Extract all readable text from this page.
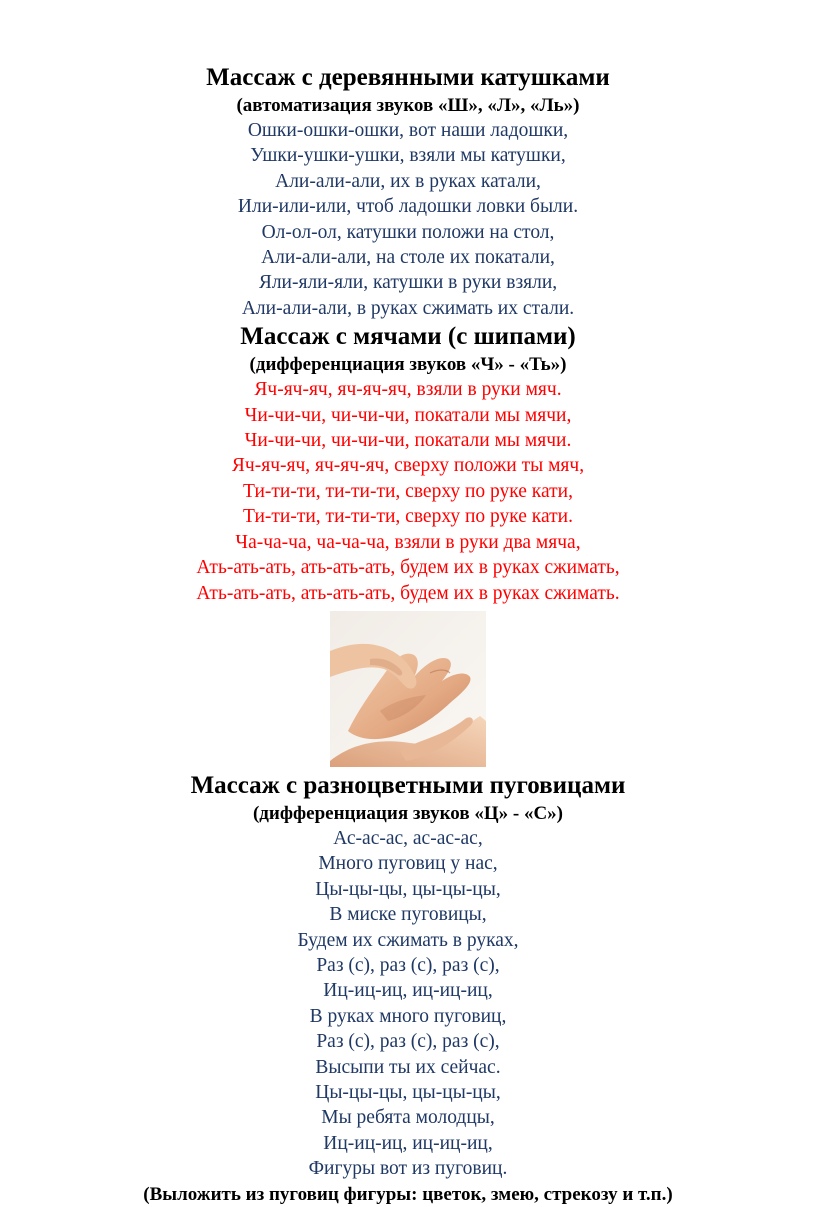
Массаж с деревянными катушками

(автоматизация звуков «Ш», «Л», «Ль»)

Ошки-ошки-ошки, вот наши ладошки,
Ушки-ушки-ушки, взяли мы катушки,
Али-али-али, их в руках катали,
Или-или-или, чтоб ладошки ловки были.
Ол-ол-ол, катушки положи на стол,
Али-али-али, на столе их покатали,
Яли-яли-яли, катушки в руки взяли,
Али-али-али, в руках сжимать их стали.
Массаж с мячами (с шипами)

(дифференциация звуков «Ч» - «Ть»)

Яч-яч-яч, яч-яч-яч, взяли в руки мяч.
Чи-чи-чи, чи-чи-чи, покатали мы мячи,
Чи-чи-чи, чи-чи-чи, покатали мы мячи.
Яч-яч-яч, яч-яч-яч, сверху положи ты мяч,
Ти-ти-ти, ти-ти-ти, сверху по руке кати,
Ти-ти-ти, ти-ти-ти, сверху по руке кати.
Ча-ча-ча, ча-ча-ча, взяли в руки два мяча,
Ать-ать-ать, ать-ать-ать, будем их в руках сжимать,
Ать-ать-ать, ать-ать-ать, будем их в руках сжимать.
Массаж с разноцветными пуговицами

(дифференциация звуков «Ц» - «С»)

Ас-ас-ас, ас-ас-ас,
Много пуговиц у нас,
Цы-цы-цы, цы-цы-цы,
В миске пуговицы,
Будем их сжимать в руках,
Раз (с), раз (с), раз (с),
Иц-иц-иц, иц-иц-иц,
В руках много пуговиц,
Раз (с), раз (с), раз (с),
Высыпи ты их сейчас.
Цы-цы-цы, цы-цы-цы,
Мы ребята молодцы,
Иц-иц-иц, иц-иц-иц,
Фигуры вот из пуговиц.

(Выложить из пуговиц фигуры: цветок, змею, стрекозу и т.п.)
